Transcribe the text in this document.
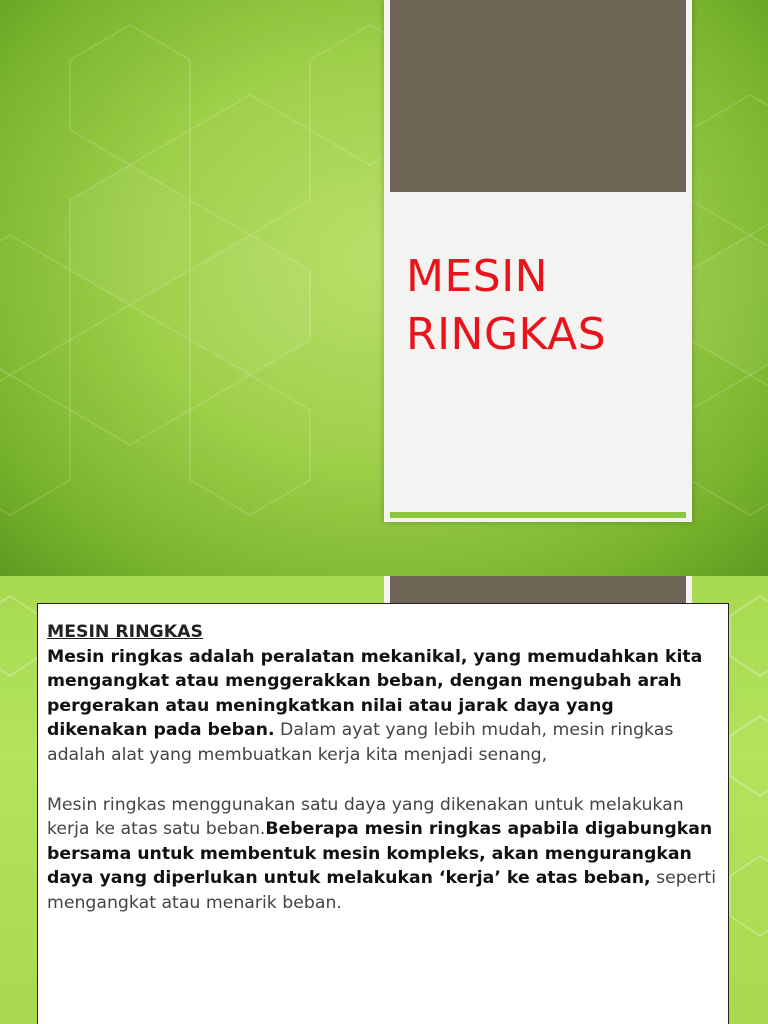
MESIN
RINGKAS
MESIN RINGKAS

Mesin ringkas adalah peralatan mekanikal, yang memudahkan kita mengangkat atau menggerakkan beban, dengan mengubah arah pergerakan atau meningkatkan nilai atau jarak daya yang dikenakan pada beban. Dalam ayat yang lebih mudah, mesin ringkas adalah alat yang membuatkan kerja kita menjadi senang,

Mesin ringkas menggunakan satu daya yang dikenakan untuk melakukan kerja ke atas satu beban.Beberapa mesin ringkas apabila digabungkan bersama untuk membentuk mesin kompleks, akan mengurangkan daya yang diperlukan untuk melakukan ‘kerja’ ke atas beban, seperti mengangkat atau menarik beban.
